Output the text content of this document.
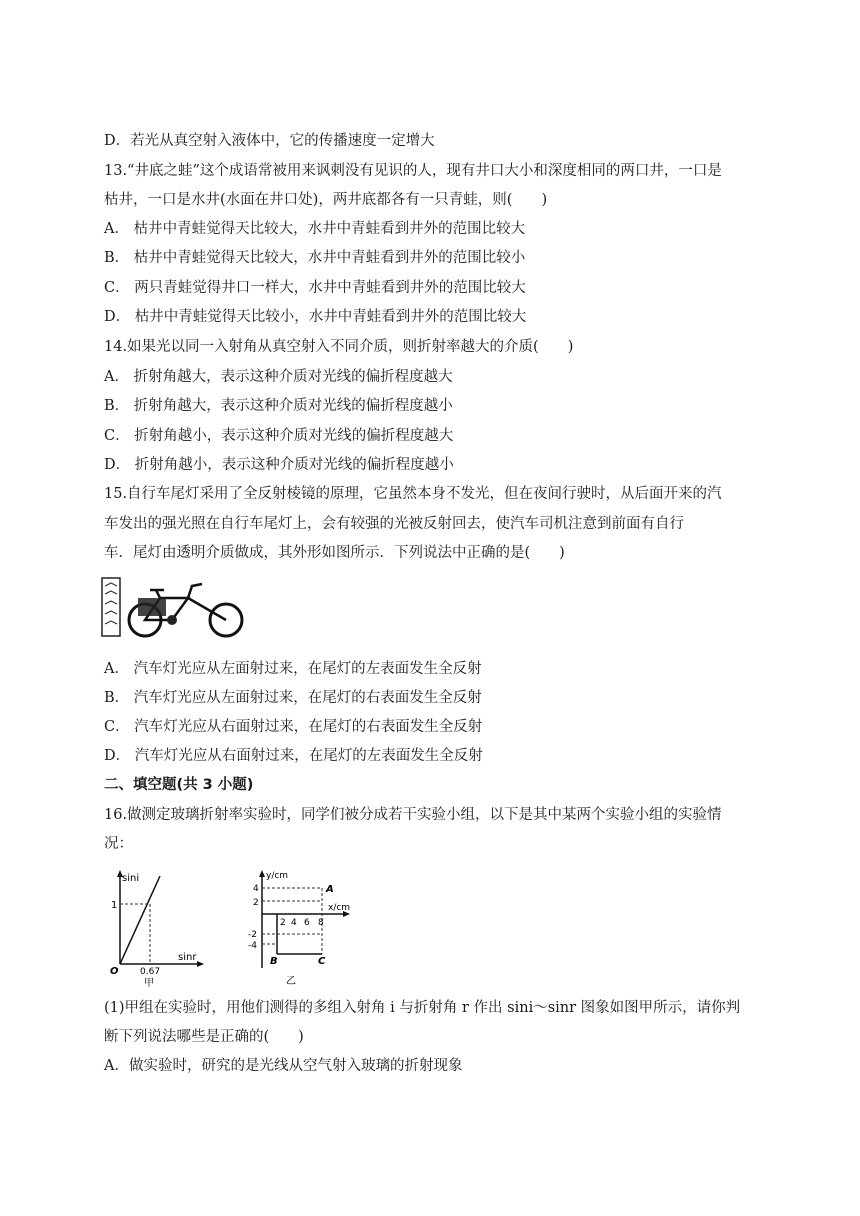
D．若光从真空射入液体中，它的传播速度一定增大
13.“井底之蛙”这个成语常被用来讽刺没有见识的人，现有井口大小和深度相同的两口井，一口是
枯井，一口是水井(水面在井口处)，两井底都各有一只青蛙，则(　　)
A． 枯井中青蛙觉得天比较大，水井中青蛙看到井外的范围比较大
B． 枯井中青蛙觉得天比较大，水井中青蛙看到井外的范围比较小
C． 两只青蛙觉得井口一样大，水井中青蛙看到井外的范围比较大
D． 枯井中青蛙觉得天比较小，水井中青蛙看到井外的范围比较大
14.如果光以同一入射角从真空射入不同介质，则折射率越大的介质(　　)
A． 折射角越大，表示这种介质对光线的偏折程度越大
B． 折射角越大，表示这种介质对光线的偏折程度越小
C． 折射角越小，表示这种介质对光线的偏折程度越大
D． 折射角越小，表示这种介质对光线的偏折程度越小
15.自行车尾灯采用了全反射棱镜的原理，它虽然本身不发光，但在夜间行驶时，从后面开来的汽
车发出的强光照在自行车尾灯上，会有较强的光被反射回去，使汽车司机注意到前面有自行
车．尾灯由透明介质做成，其外形如图所示．下列说法中正确的是(　　)
A． 汽车灯光应从左面射过来，在尾灯的左表面发生全反射
B． 汽车灯光应从左面射过来，在尾灯的右表面发生全反射
C． 汽车灯光应从右面射过来，在尾灯的右表面发生全反射
D． 汽车灯光应从右面射过来，在尾灯的左表面发生全反射
二、填空题(共 3 小题)
16.做测定玻璃折射率实验时，同学们被分成若干实验小组，以下是其中某两个实验小组的实验情
况：
sini
sinr
O
1
0.67
甲
y/cm
x/cm
4
2
-2
-4
2 4 6 8
A
B	C
乙
(1)甲组在实验时，用他们测得的多组入射角 i 与折射角 r 作出 sini～sinr 图象如图甲所示，请你判
断下列说法哪些是正确的(　　)
A．做实验时，研究的是光线从空气射入玻璃的折射现象
